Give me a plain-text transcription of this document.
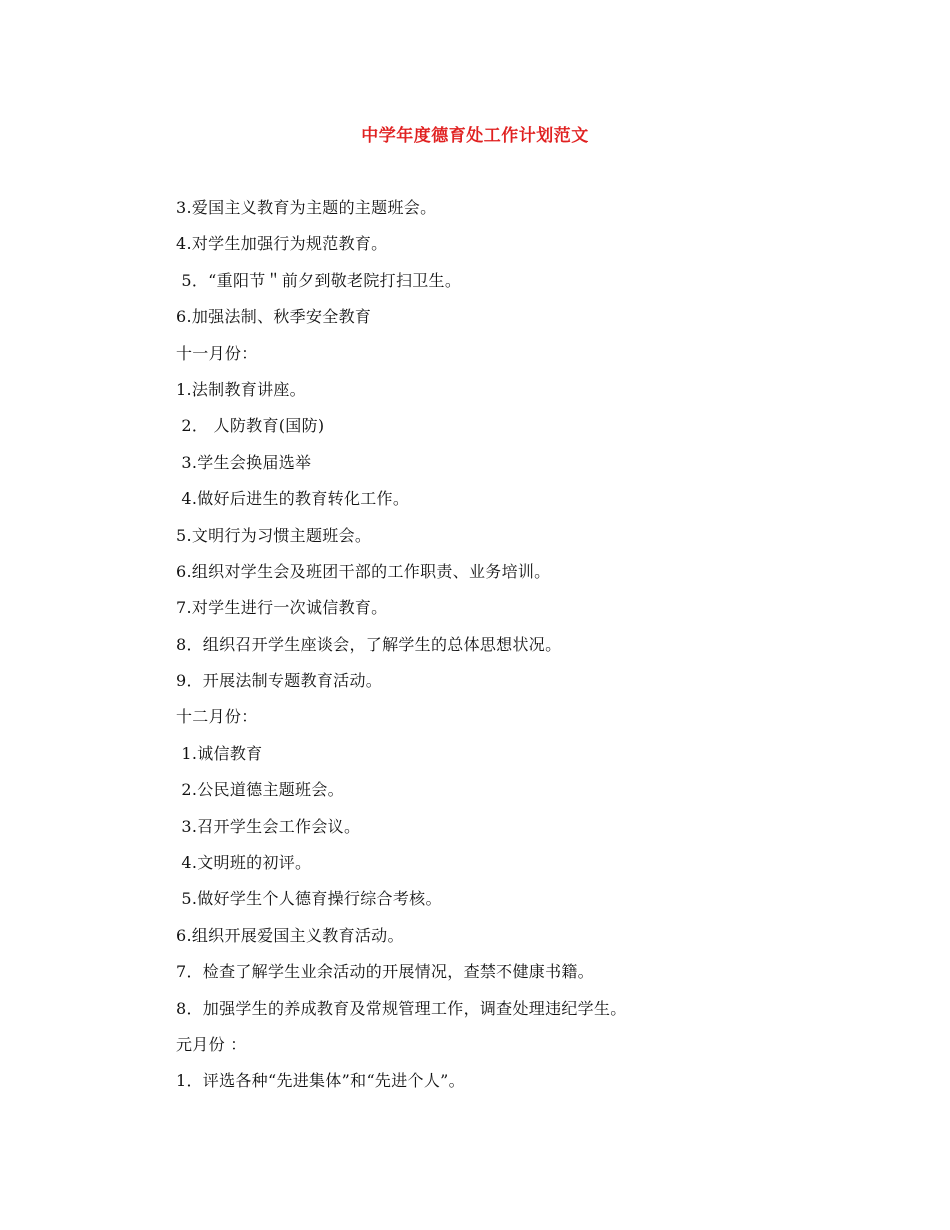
中学年度德育处工作计划范文
3.爱国主义教育为主题的主题班会。
4.对学生加强行为规范教育。
5．“重阳节＂前夕到敬老院打扫卫生。
6.加强法制、秋季安全教育
十一月份：
1.法制教育讲座。
2． 人防教育(国防)
3.学生会换届选举
4.做好后进生的教育转化工作。
5.文明行为习惯主题班会。
6.组织对学生会及班团干部的工作职责、业务培训。
7.对学生进行一次诚信教育。
8．组织召开学生座谈会，了解学生的总体思想状况。
9．开展法制专题教育活动。
十二月份：
1.诚信教育
2.公民道德主题班会。
3.召开学生会工作会议。
4.文明班的初评。
5.做好学生个人德育操行综合考核。
6.组织开展爱国主义教育活动。
7．检查了解学生业余活动的开展情况，查禁不健康书籍。
8．加强学生的养成教育及常规管理工作，调查处理违纪学生。
元月份 ：
1．评选各种“先进集体”和“先进个人”。
